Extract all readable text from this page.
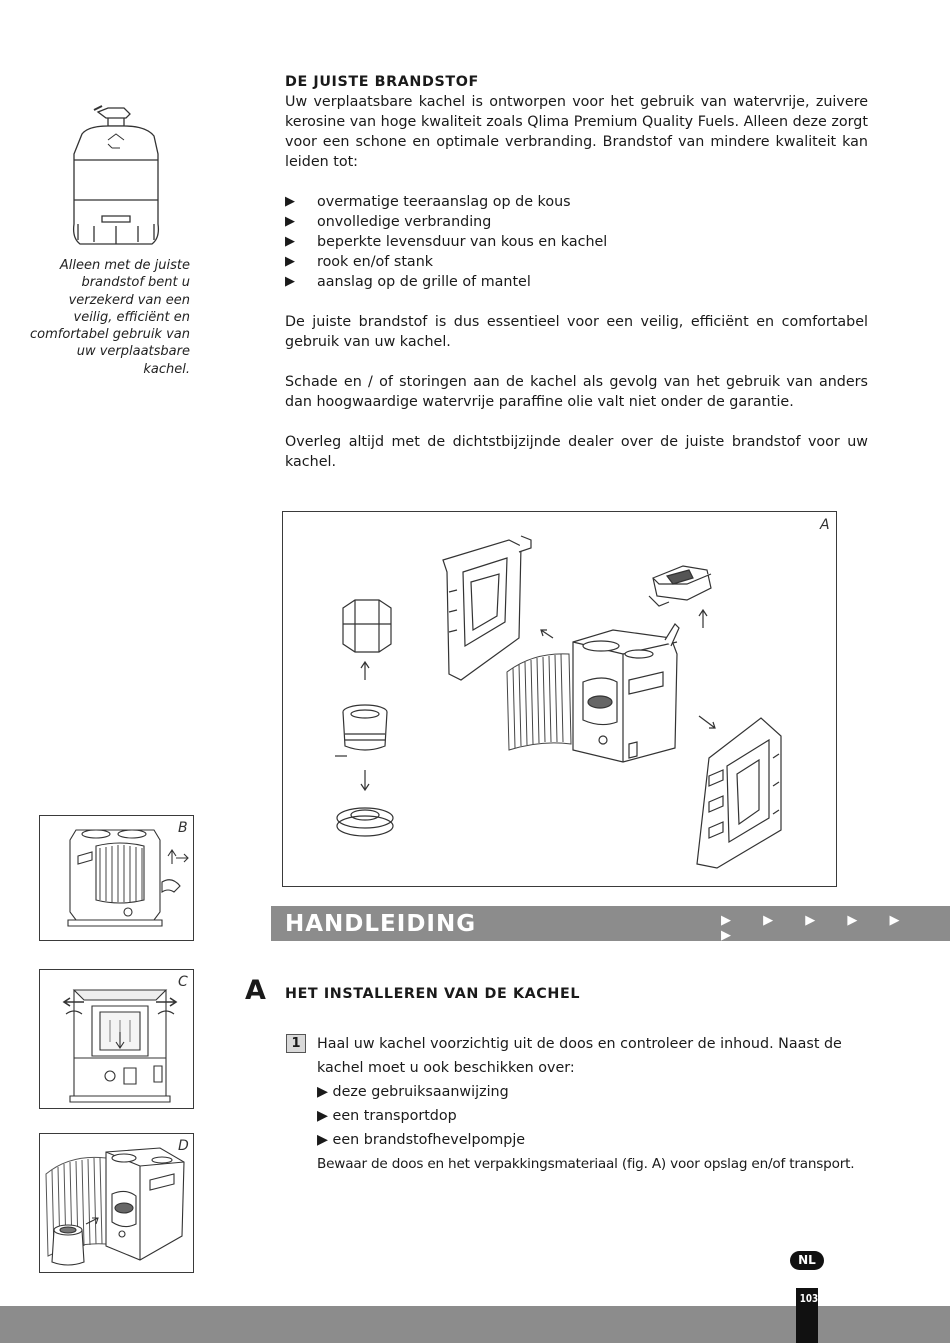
Alleen met de juiste brandstof bent u verzekerd van een veilig, efficiënt en comfortabel gebruik van uw verplaatsbare kachel.
DE JUISTE BRANDSTOF

Uw verplaatsbare kachel is ontworpen voor het gebruik van watervrije, zuivere kerosine van hoge kwaliteit zoals Qlima Premium Quality Fuels. Alleen deze zorgt voor een schone en optimale verbranding. Brandstof van mindere kwaliteit kan leiden tot:

▶ overmatige teeraanslag op de kous
▶ onvolledige verbranding
▶ beperkte levensduur van kous en kachel
▶ rook en/of stank
▶ aanslag op de grille of mantel

De juiste brandstof is dus essentieel voor een veilig, efficiënt en comfortabel gebruik van uw kachel.

Schade en / of storingen aan de kachel als gevolg van het gebruik van anders dan hoogwaardige watervrije paraffine olie valt niet onder de garantie.

Overleg altijd met de dichtstbijzijnde dealer over de juiste brandstof voor uw kachel.

A
B
C
D
HANDLEIDING	▶ ▶ ▶ ▶ ▶ ▶
A HET INSTALLEREN VAN DE KACHEL
1	Haal uw kachel voorzichtig uit de doos en controleer de inhoud. Naast de kachel moet u ook beschikken over:

▶ deze gebruiksaanwijzing

▶ een transportdop

▶ een brandstofhevelpompje

Bewaar de doos en het verpakkingsmateriaal (fig. A) voor opslag en/of transport.

NL
103
